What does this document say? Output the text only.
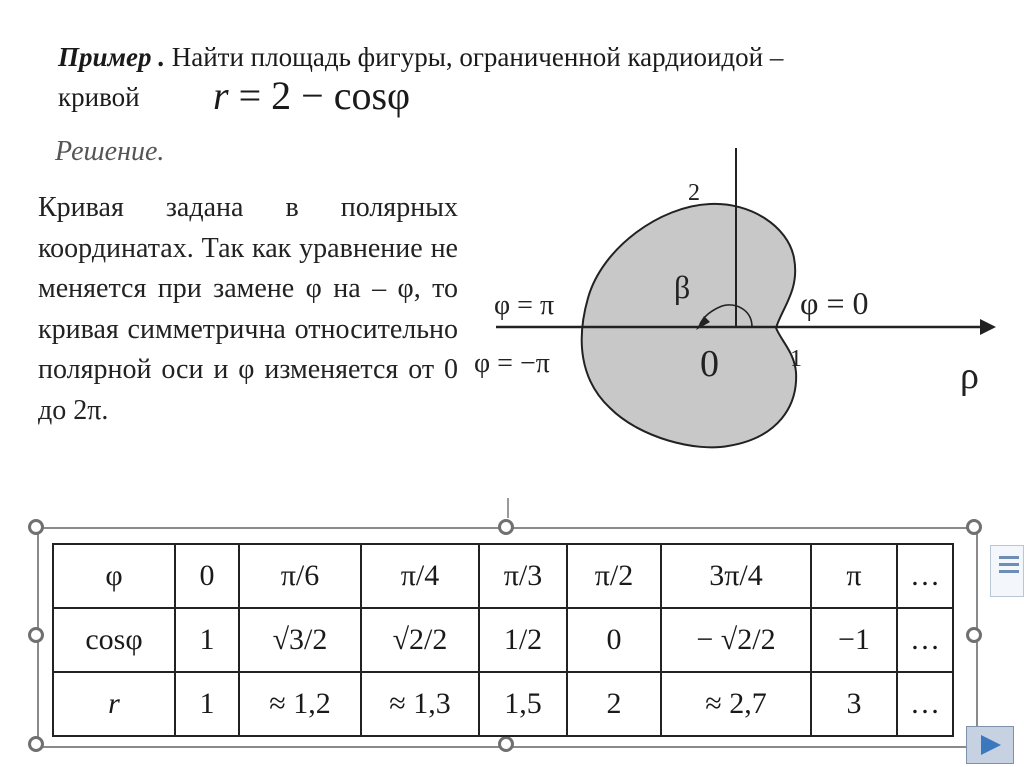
Пример . Найти площадь фигуры, ограниченной кардиоидой –
кривой r = 2 − cosφ
Решение.
Кривая задана в полярных координатах. Так как уравнение не меняется при замене φ на – φ, то кривая симметрична относительно полярной оси и φ изменяется от 0 до 2π.
2
β
φ = π	φ = 0
φ = −π	0	1	ρ
φ	0	π/6	π/4	π/3	π/2	3π/4	π	…
cosφ	1	√3/2	√2/2	1/2	0	− √2/2	−1	…
r	1	≈ 1,2	≈ 1,3	1,5	2	≈ 2,7	3	…
